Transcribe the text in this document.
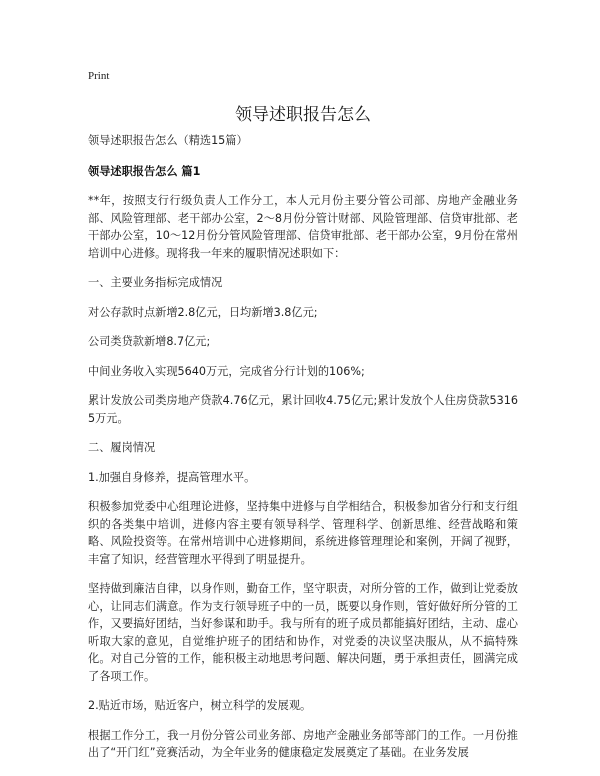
Print
领导述职报告怎么

领导述职报告怎么（精选15篇）

领导述职报告怎么 篇1

**年，按照支行行级负责人工作分工，本人元月份主要分管公司部、房地产金融业务部、风险管理部、老干部办公室，2～8月份分管计财部、风险管理部、信贷审批部、老干部办公室，10～12月份分管风险管理部、信贷审批部、老干部办公室，9月份在常州培训中心进修。现将我一年来的履职情况述职如下：

一、主要业务指标完成情况

对公存款时点新增2.8亿元，日均新增3.8亿元;

公司类贷款新增8.7亿元;

中间业务收入实现5640万元，完成省分行计划的106%;

累计发放公司类房地产贷款4.76亿元，累计回收4.75亿元;累计发放个人住房贷款53165万元。

二、履岗情况

1.加强自身修养，提高管理水平。

积极参加党委中心组理论进修，坚持集中进修与自学相结合，积极参加省分行和支行组织的各类集中培训，进修内容主要有领导科学、管理科学、创新思维、经营战略和策略、风险投资等。在常州培训中心进修期间，系统进修管理理论和案例，开阔了视野，丰富了知识，经营管理水平得到了明显提升。

坚持做到廉洁自律，以身作则，勤奋工作，坚守职责，对所分管的工作，做到让党委放心，让同志们满意。作为支行领导班子中的一员，既要以身作则，管好做好所分管的工作，又要搞好团结，当好参谋和助手。我与所有的班子成员都能搞好团结，主动、虚心听取大家的意见，自觉维护班子的团结和协作，对党委的决议坚决服从，从不搞特殊化。对自己分管的工作，能积极主动地思考问题、解决问题，勇于承担责任，圆满完成了各项工作。

2.贴近市场，贴近客户，树立科学的发展观。

根据工作分工，我一月份分管公司业务部、房地产金融业务部等部门的工作。一月份推出了“开门红”竞赛活动，为全年业务的健康稳定发展奠定了基础。在业务发展
